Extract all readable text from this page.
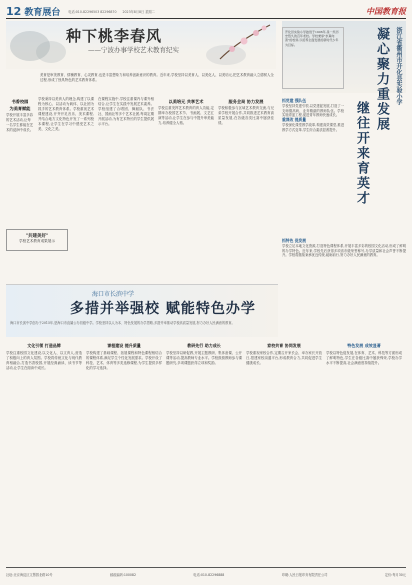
12 教育展台	电话:010-82296503 82296870 2023年8月8日 星期二	中国教育报
种下桃李春风
——宁波办事学校艺术教育纪实
美育是审美教育、情操教育、心灵教育,也是丰富想象力和培养创新意识的教育。近年来,学校坚持以美育人、以美化人、以美培元,把艺术教育融入立德树人全过程,形成了独具特色的艺术教育体系。
书香校园
为美育赋能
学校开展丰富多彩的艺术活动,让每一名学生都能在艺术的浸润中成长。
学校秉持以美育人的理念,构建了以课程为核心、以活动为载体、以社团为抓手的艺术教育体系。学校重视艺术课程建设,开齐开足音乐、美术课程,并结合地方文化特色开发了一系列校本课程,让学生在学习中感受艺术之美、文化之美。
在课程实施中,学校注重课内与课外相结合,让学生在实践中发展艺术素养。学校组建了合唱团、舞蹈队、书法社、国画社等多个艺术社团,每周定期开展活动,为有艺术特长的学生提供展示平台。
以美培元 共享艺术
学校注重发挥艺术教育的育人功能,定期举办校园艺术节、书画展、文艺汇演等活动,让学生在参与中提升审美能力,培养健全人格。
服务全局 协力发展
学校积极参与区域艺术教育交流,与兄弟学校开展合作,共同推进艺术教育高质量发展,在各级各类比赛中屡获佳绩。
"共建美好"
学校艺术教育成果展示
浙江省衢州市开化县实验小学
凝心聚力重发展
继往开来育英才
开化县实验小学始创于1906年,是一所历史悠久的百年老校。学校秉承"求真向善"的校训,以培养全面发展的新时代少年为目标。
抓党建 强队伍
学校坚持党建引领,以党建促发展,打造了一支师德高尚、业务精湛的教师队伍。学校实施青蓝工程,促进青年教师快速成长。
重课改 提质量
学校深化课堂教学改革,构建高效课堂,推进教学方式变革,学生综合素质显著提升。
抓特色 促发展
学校立足本地文化资源,打造特色课程体系,开展丰富多彩的校园文化活动,形成了鲜明的办学特色。近年来,学校先后获得多项省市级荣誉称号,办学质量和社会声誉不断提升。学校将继续秉承优良传统,砥砺前行,努力办好人民满意的教育。
海口市长滨中学
多措并举强校 赋能特色办学
海口市长滨中学创办于2015年,是海口市直属公办初级中学。学校坚持以人为本、特色发展的办学思路,多措并举推动学校高质量发展,努力办好人民满意的教育。
文化引领 打造品牌
学校注重校园文化建设,以文化人、以文育人,营造了积极向上的育人氛围。学校将传统文化与现代教育相融合,打造书香校园,开展经典诵读、读书节等活动,让学生在阅读中成长。
课程建设 提升质量
学校构建了基础课程、拓展课程和特色课程相结合的课程体系,满足学生个性化发展需求。学校开设了科技、艺术、体育等多类选修课程,为学生提供多样化的学习选择。
教研先行 助力成长
学校坚持以研促教,开展主题教研、集体备课、公开课等活动,提高教师专业水平。学校鼓励教师参与课题研究,多项课题获得立项和奖励。
家校共育 协同发展
学校重视家校合作,定期召开家长会、举办家长开放日,搭建家校沟通平台,形成教育合力,共同促进学生健康成长。
特色发展 成效显著
学校以特色促发展,在体育、艺术、科技等方面形成了鲜明特色,学生在各级比赛中屡获殊荣,学校办学水平不断提高,社会满意度持续提升。
社址:北京海淀区文慧园北路10号	邮政编码:100082	电话:010-82296888	印刷:人民日报印务有限责任公司	定价:每月30元
